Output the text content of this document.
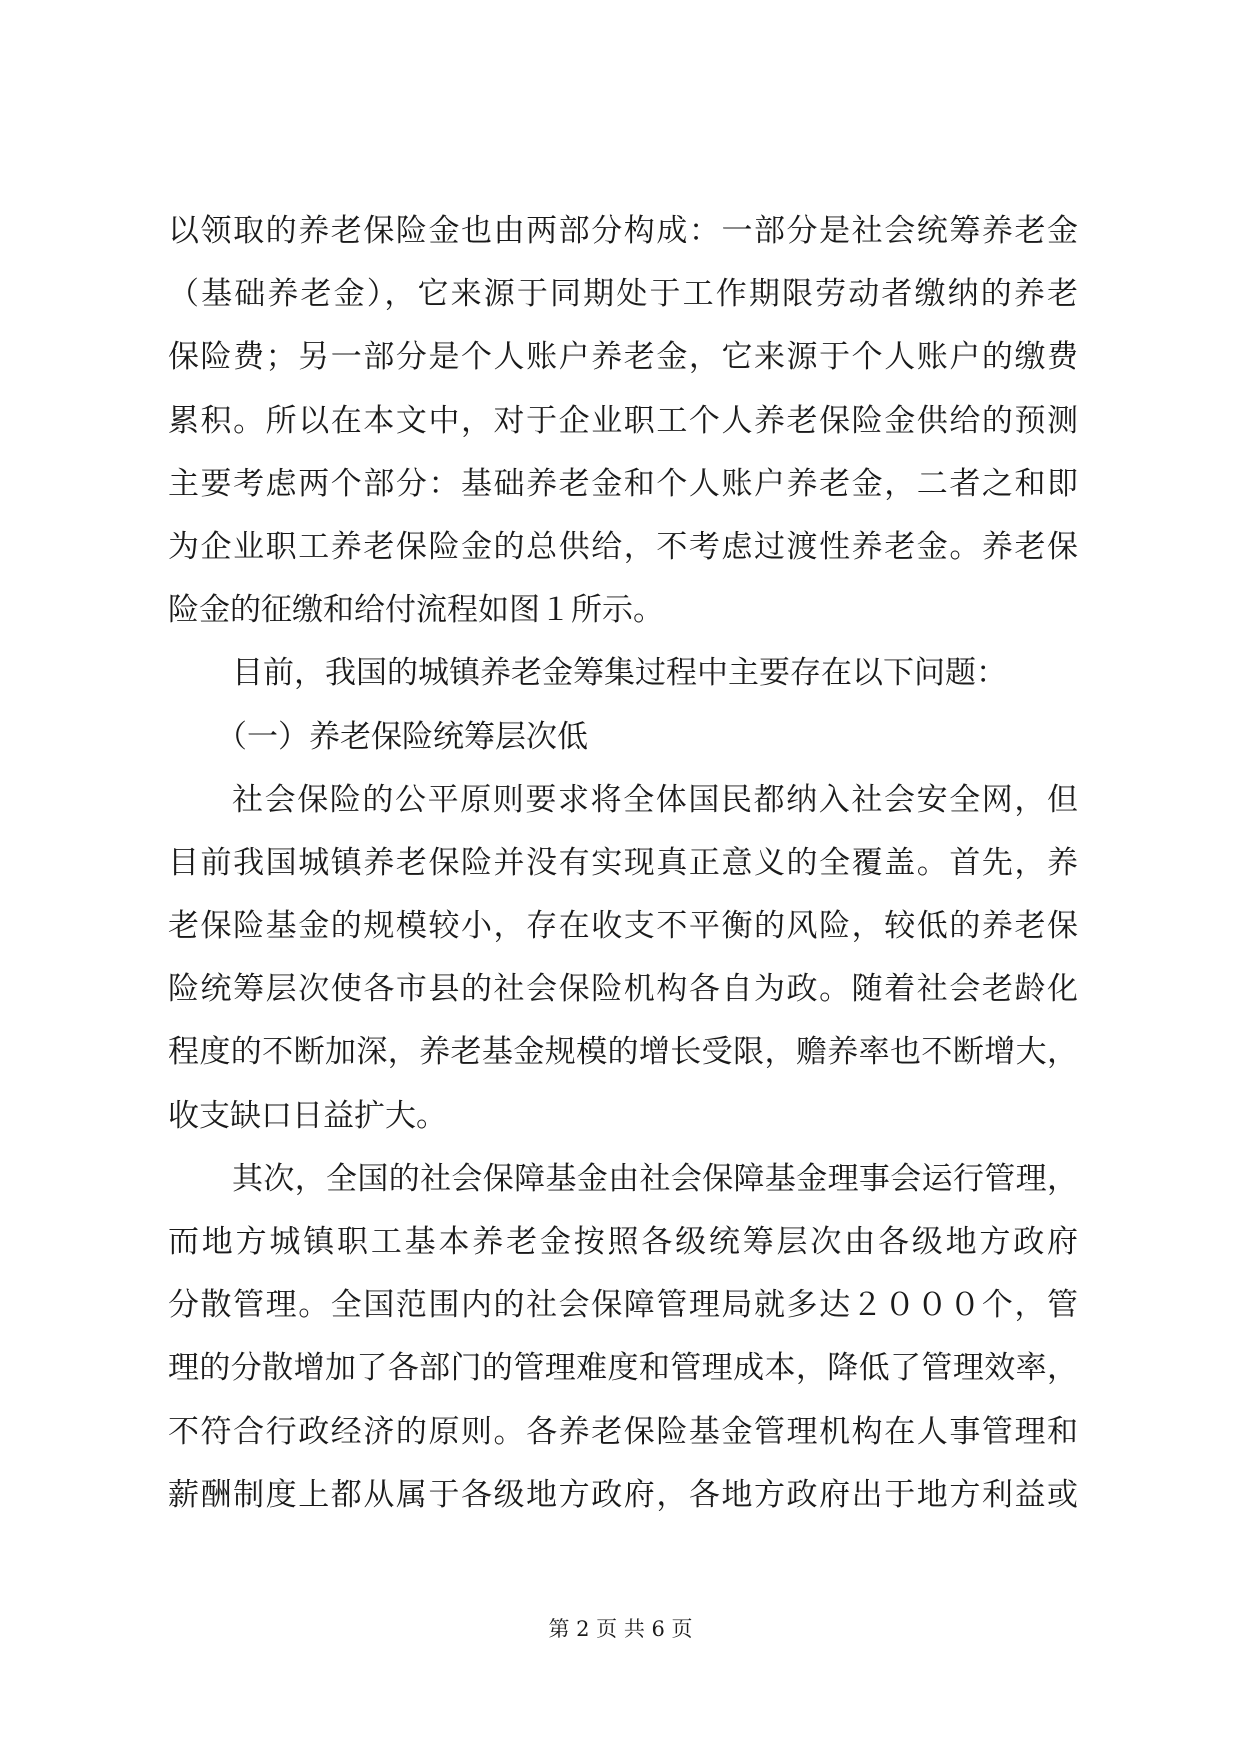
以领取的养老保险金也由两部分构成：一部分是社会统筹养老金
（基础养老金），它来源于同期处于工作期限劳动者缴纳的养老
保险费；另一部分是个人账户养老金，它来源于个人账户的缴费
累积。所以在本文中，对于企业职工个人养老保险金供给的预测
主要考虑两个部分：基础养老金和个人账户养老金，二者之和即
为企业职工养老保险金的总供给，不考虑过渡性养老金。养老保
险金的征缴和给付流程如图１所示。
目前，我国的城镇养老金筹集过程中主要存在以下问题：
（一）养老保险统筹层次低
社会保险的公平原则要求将全体国民都纳入社会安全网，但
目前我国城镇养老保险并没有实现真正意义的全覆盖。首先，养
老保险基金的规模较小，存在收支不平衡的风险，较低的养老保
险统筹层次使各市县的社会保险机构各自为政。随着社会老龄化
程度的不断加深，养老基金规模的增长受限，赡养率也不断增大，
收支缺口日益扩大。
其次，全国的社会保障基金由社会保障基金理事会运行管理，
而地方城镇职工基本养老金按照各级统筹层次由各级地方政府
分散管理。全国范围内的社会保障管理局就多达２０００个，管
理的分散增加了各部门的管理难度和管理成本，降低了管理效率，
不符合行政经济的原则。各养老保险基金管理机构在人事管理和
薪酬制度上都从属于各级地方政府，各地方政府出于地方利益或
第 2 页 共 6 页
